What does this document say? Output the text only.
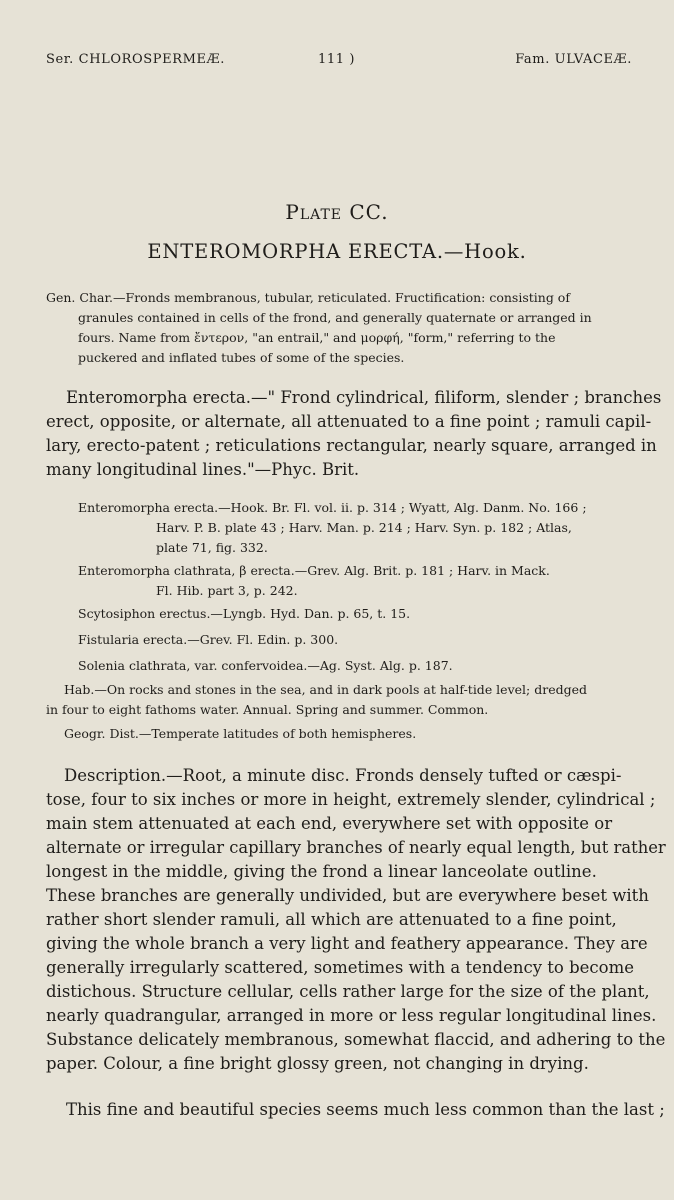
Ser. CHLOROSPERMEÆ.	111 )	Fam. ULVACEÆ.
Plate CC.
ENTEROMORPHA ERECTA.—Hook.
Gen. Char.—Fronds membranous, tubular, reticulated. Fructification: consisting of
granules contained in cells of the frond, and generally quaternate or arranged in
fours. Name from ἔντερον, "an entrail," and μορφή, "form," referring to the
puckered and inflated tubes of some of the species.
Enteromorpha erecta.—" Frond cylindrical, filiform, slender ; branches
erect, opposite, or alternate, all attenuated to a fine point ; ramuli capil-
lary, erecto-patent ; reticulations rectangular, nearly square, arranged in
many longitudinal lines."—Phyc. Brit.
Enteromorpha erecta.—Hook. Br. Fl. vol. ii. p. 314 ; Wyatt, Alg. Danm. No. 166 ;
Harv. P. B. plate 43 ; Harv. Man. p. 214 ; Harv. Syn. p. 182 ; Atlas,
plate 71, fig. 332.
Enteromorpha clathrata, β erecta.—Grev. Alg. Brit. p. 181 ; Harv. in Mack.
Fl. Hib. part 3, p. 242.
Scytosiphon erectus.—Lyngb. Hyd. Dan. p. 65, t. 15.
Fistularia erecta.—Grev. Fl. Edin. p. 300.
Solenia clathrata, var. confervoidea.—Ag. Syst. Alg. p. 187.
Hab.—On rocks and stones in the sea, and in dark pools at half-tide level; dredged
in four to eight fathoms water. Annual. Spring and summer. Common.
Geogr. Dist.—Temperate latitudes of both hemispheres.
Description.—Root, a minute disc. Fronds densely tufted or cæspi-
tose, four to six inches or more in height, extremely slender, cylindrical ;
main stem attenuated at each end, everywhere set with opposite or
alternate or irregular capillary branches of nearly equal length, but rather
longest in the middle, giving the frond a linear lanceolate outline.
These branches are generally undivided, but are everywhere beset with
rather short slender ramuli, all which are attenuated to a fine point,
giving the whole branch a very light and feathery appearance. They are
generally irregularly scattered, sometimes with a tendency to become
distichous. Structure cellular, cells rather large for the size of the plant,
nearly quadrangular, arranged in more or less regular longitudinal lines.
Substance delicately membranous, somewhat flaccid, and adhering to the
paper. Colour, a fine bright glossy green, not changing in drying.
This fine and beautiful species seems much less common than the last ;
